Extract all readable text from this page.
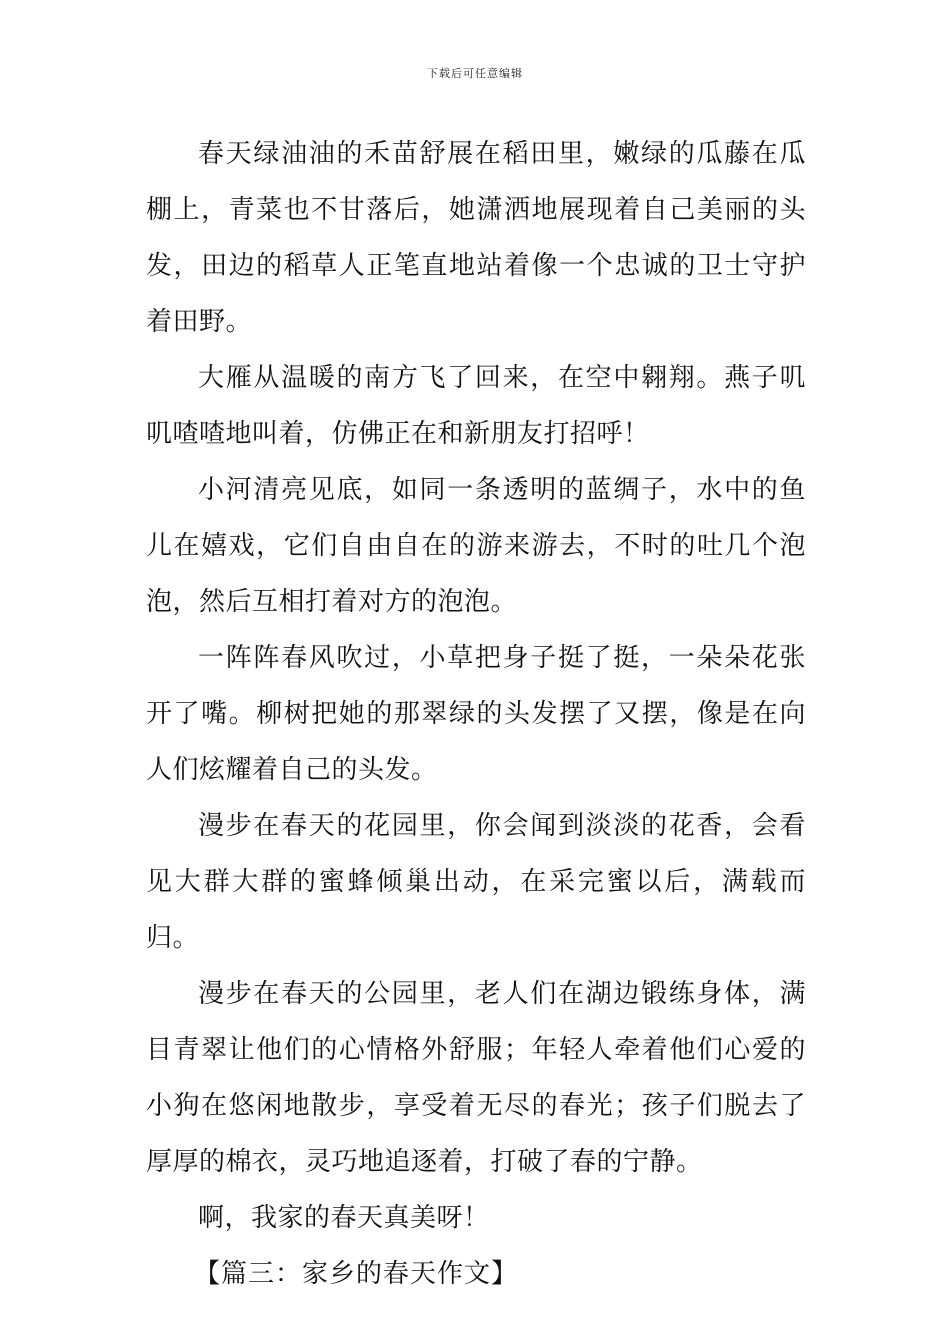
下载后可任意编辑

春天绿油油的禾苗舒展在稻田里，嫩绿的瓜藤在瓜棚上，青菜也不甘落后，她潇洒地展现着自己美丽的头发，田边的稻草人正笔直地站着像一个忠诚的卫士守护着田野。

大雁从温暖的南方飞了回来，在空中翱翔。燕子叽叽喳喳地叫着，仿佛正在和新朋友打招呼！

小河清亮见底，如同一条透明的蓝绸子，水中的鱼儿在嬉戏，它们自由自在的游来游去，不时的吐几个泡泡，然后互相打着对方的泡泡。

一阵阵春风吹过，小草把身子挺了挺，一朵朵花张开了嘴。柳树把她的那翠绿的头发摆了又摆，像是在向人们炫耀着自己的头发。

漫步在春天的花园里，你会闻到淡淡的花香，会看见大群大群的蜜蜂倾巢出动，在采完蜜以后，满载而归。

漫步在春天的公园里，老人们在湖边锻练身体，满目青翠让他们的心情格外舒服；年轻人牵着他们心爱的小狗在悠闲地散步，享受着无尽的春光；孩子们脱去了厚厚的棉衣，灵巧地追逐着，打破了春的宁静。

啊，我家的春天真美呀！

【篇三：家乡的春天作文】
